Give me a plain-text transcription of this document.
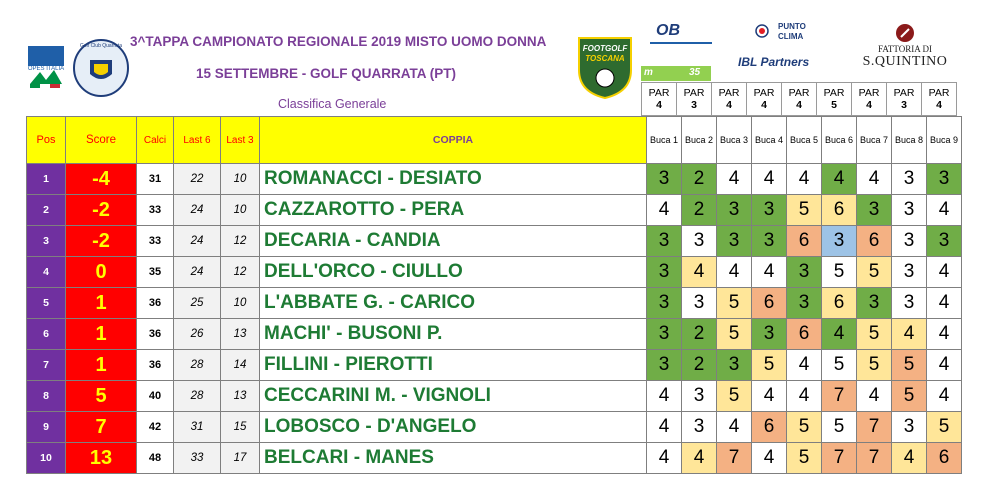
OPES ITALIA
Golf Club Quarrata	FOOTGOLF
TOSCANA
OB	PUNTO
CLIMA
IBL Partners
FATTORIA DI
S.QUINTINO
m	35
3^TAPPA CAMPIONATO REGIONALE 2019 MISTO UOMO DONNA
15 SETTEMBRE - GOLF QUARRATA (PT)
Classifica Generale
PAR
4

PAR
3

PAR
4

PAR
4

PAR
4

PAR
5

PAR
4

PAR
3

PAR
4
Pos	Score	Calci	Last 6	Last 3	COPPIA	Buca 1	Buca 2	Buca 3	Buca 4	Buca 5	Buca 6	Buca 7	Buca 8	Buca 9
1	-4	31	22	10	ROMANACCI - DESIATO	3	2	4	4	4	4	4	3	3
2	-2	33	24	10	CAZZAROTTO - PERA	4	2	3	3	5	6	3	3	4
3	-2	33	24	12	DECARIA - CANDIA	3	3	3	3	6	3	6	3	3
4	0	35	24	12	DELL'ORCO - CIULLO	3	4	4	4	3	5	5	3	4
5	1	36	25	10	L'ABBATE G. - CARICO	3	3	5	6	3	6	3	3	4
6	1	36	26	13	MACHI' - BUSONI P.	3	2	5	3	6	4	5	4	4
7	1	36	28	14	FILLINI - PIEROTTI	3	2	3	5	4	5	5	5	4
8	5	40	28	13	CECCARINI M. - VIGNOLI	4	3	5	4	4	7	4	5	4
9	7	42	31	15	LOBOSCO - D'ANGELO	4	3	4	6	5	5	7	3	5
10	13	48	33	17	BELCARI - MANES	4	4	7	4	5	7	7	4	6
